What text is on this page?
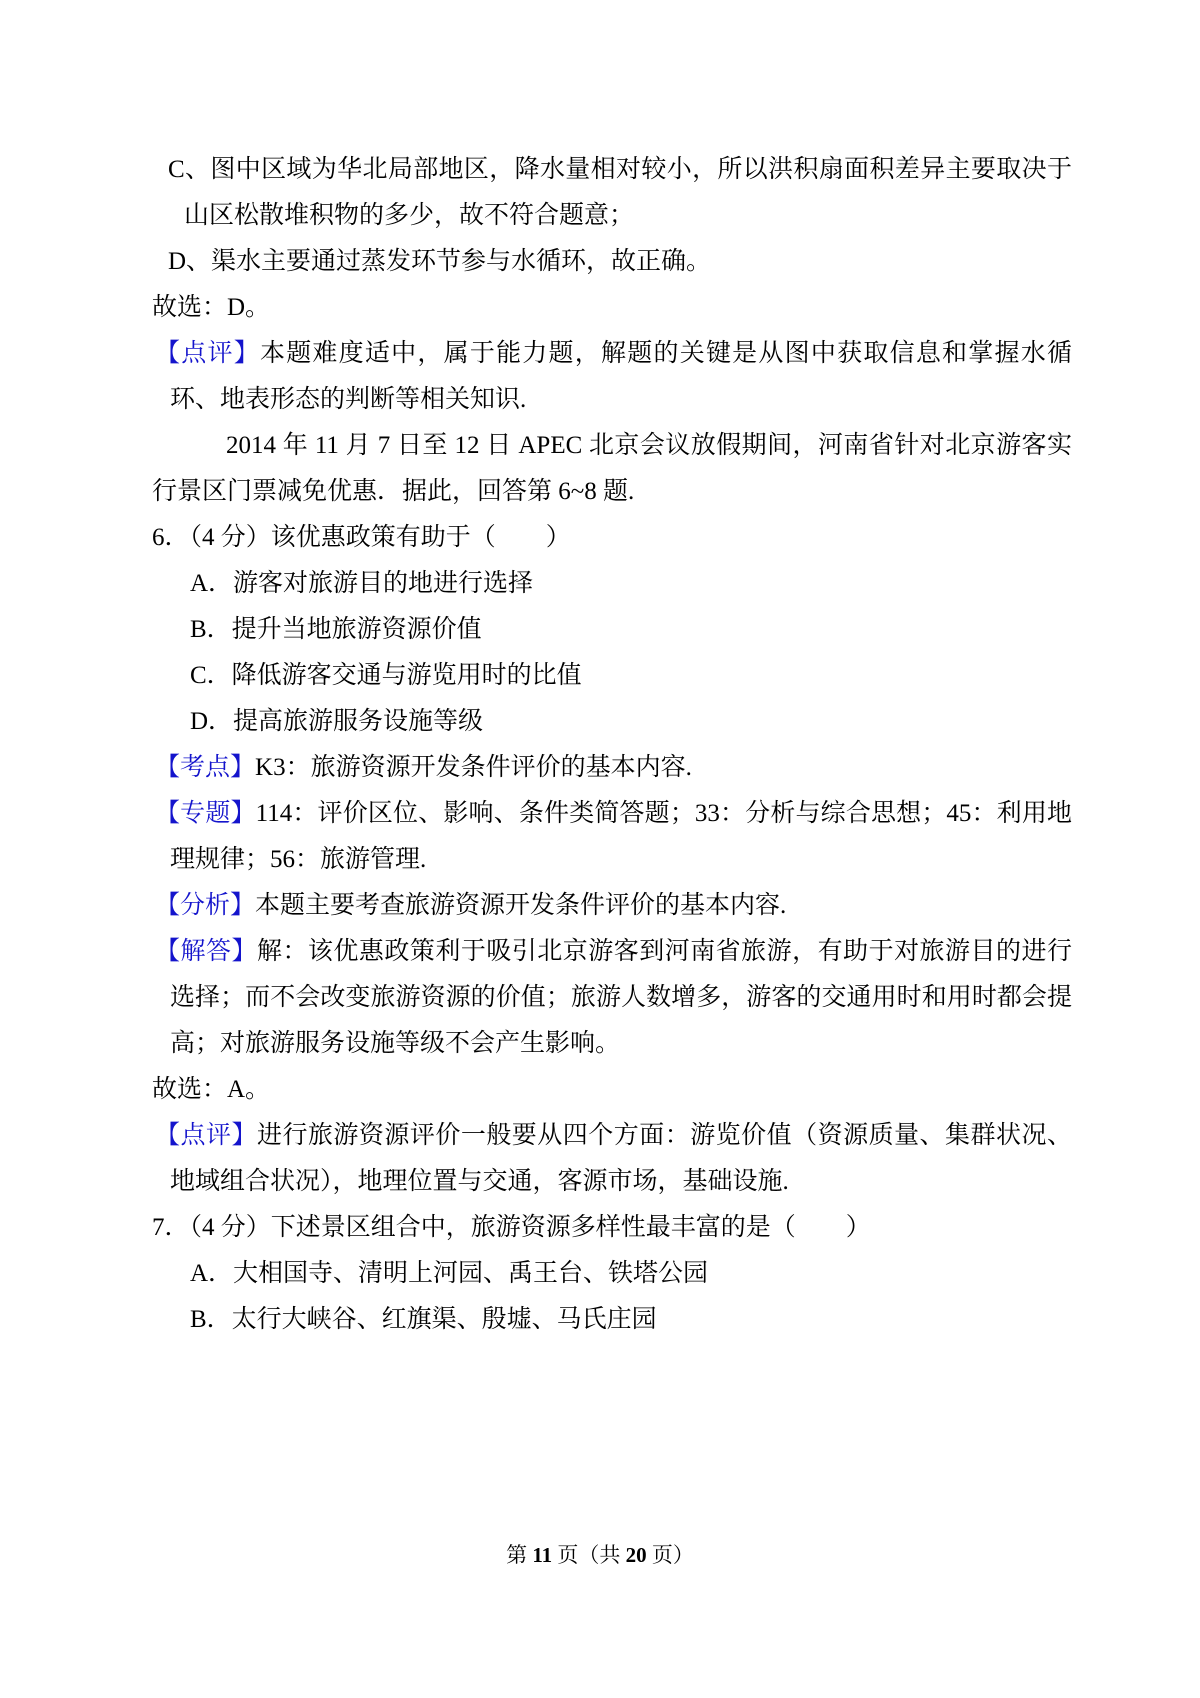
C、图中区域为华北局部地区，降水量相对较小，所以洪积扇面积差异主要取决于山区松散堆积物的多少，故不符合题意；

D、渠水主要通过蒸发环节参与水循环，故正确。

故选：D。

【点评】本题难度适中，属于能力题，解题的关键是从图中获取信息和掌握水循环、地表形态的判断等相关知识.

2014 年 11 月 7 日至 12 日 APEC 北京会议放假期间，河南省针对北京游客实行景区门票减免优惠．据此，回答第 6~8 题.

6．（4 分）该优惠政策有助于（　　）

A．游客对旅游目的地进行选择

B．提升当地旅游资源价值

C．降低游客交通与游览用时的比值

D．提高旅游服务设施等级

【考点】K3：旅游资源开发条件评价的基本内容.

【专题】114：评价区位、影响、条件类简答题；33：分析与综合思想；45：利用地理规律；56：旅游管理.

【分析】本题主要考查旅游资源开发条件评价的基本内容.

【解答】解：该优惠政策利于吸引北京游客到河南省旅游，有助于对旅游目的进行选择；而不会改变旅游资源的价值；旅游人数增多，游客的交通用时和用时都会提高；对旅游服务设施等级不会产生影响。

故选：A。

【点评】进行旅游资源评价一般要从四个方面：游览价值（资源质量、集群状况、地域组合状况），地理位置与交通，客源市场，基础设施.

7．（4 分）下述景区组合中，旅游资源多样性最丰富的是（　　）

A．大相国寺、清明上河园、禹王台、铁塔公园

B．太行大峡谷、红旗渠、殷墟、马氏庄园

第 11 页（共 20 页）
